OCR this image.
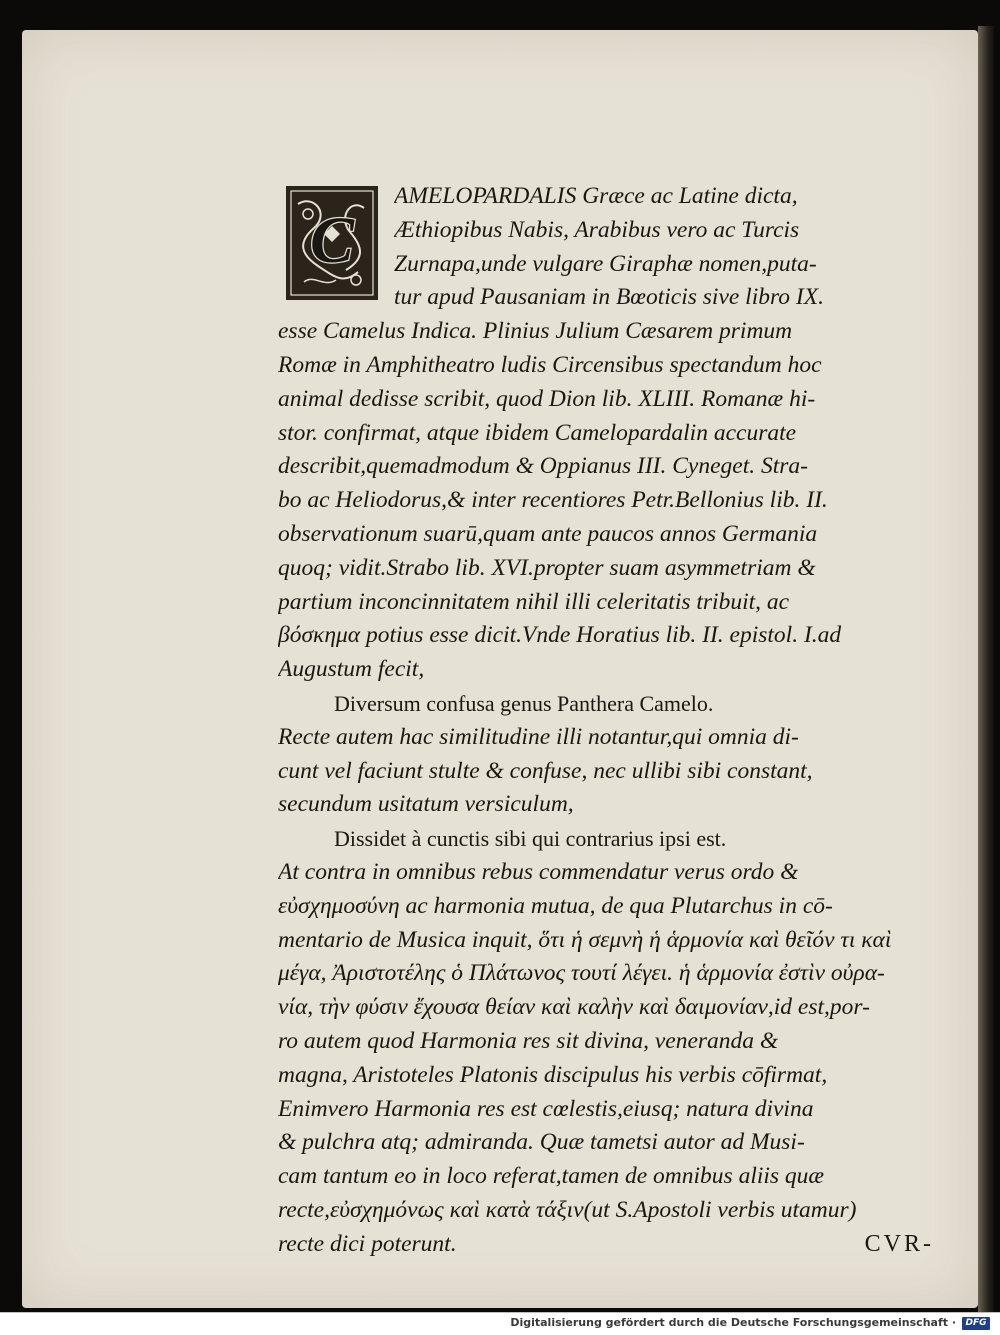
C
AMELOPARDALIS Græce ac Latine dicta,
Æthiopibus Nabis, Arabibus vero ac Turcis
Zurnapa,unde vulgare Giraphæ nomen,puta-
tur apud Pausaniam in Bœoticis sive libro IX.
esse Camelus Indica. Plinius Julium Cæsarem primum
Romæ in Amphitheatro ludis Circensibus spectandum hoc
animal dedisse scribit, quod Dion lib. XLIII. Romanæ hi-
stor. confirmat, atque ibidem Camelopardalin accurate
describit,quemadmodum & Oppianus III. Cyneget. Stra-
bo ac Heliodorus,& inter recentiores Petr.Bellonius lib. II.
observationum suarū,quam ante paucos annos Germania
quoq; vidit.Strabo lib. XVI.propter suam asymmetriam &
partium inconcinnitatem nihil illi celeritatis tribuit, ac
βόσκημα potius esse dicit.Vnde Horatius lib. II. epistol. I.ad
Augustum fecit,
Diversum confusa genus Panthera Camelo.
Recte autem hac similitudine illi notantur,qui omnia di-
cunt vel faciunt stulte & confuse, nec ullibi sibi constant,
secundum usitatum versiculum,
Dissidet à cunctis sibi qui contrarius ipsi est.
At contra in omnibus rebus commendatur verus ordo &
εὐσχημοσύνη ac harmonia mutua, de qua Plutarchus in cō-
mentario de Musica inquit, ὅτι ἡ σεμνὴ ἡ ἁρμονία καὶ θεῖόν τι καὶ
μέγα, Ἀριστοτέλης ὁ Πλάτωνος τουτί λέγει. ἡ ἁρμονία ἐστὶν οὐρα-
νία, τὴν φύσιν ἔχουσα θείαν καὶ καλὴν καὶ δαιμονίαν,id est,por-
ro autem quod Harmonia res sit divina, veneranda &
magna, Aristoteles Platonis discipulus his verbis cōfirmat,
Enimvero Harmonia res est cœlestis,eiusq; natura divina
& pulchra atq; admiranda. Quæ tametsi autor ad Musi-
cam tantum eo in loco referat,tamen de omnibus aliis quæ
recte,εὐσχημόνως καὶ κατὰ τάξιν(ut S.Apostoli verbis utamur)
recte dici poterunt.	CVR-
Digitalisierung gefördert durch die Deutsche Forschungsgemeinschaft ·	DFG
